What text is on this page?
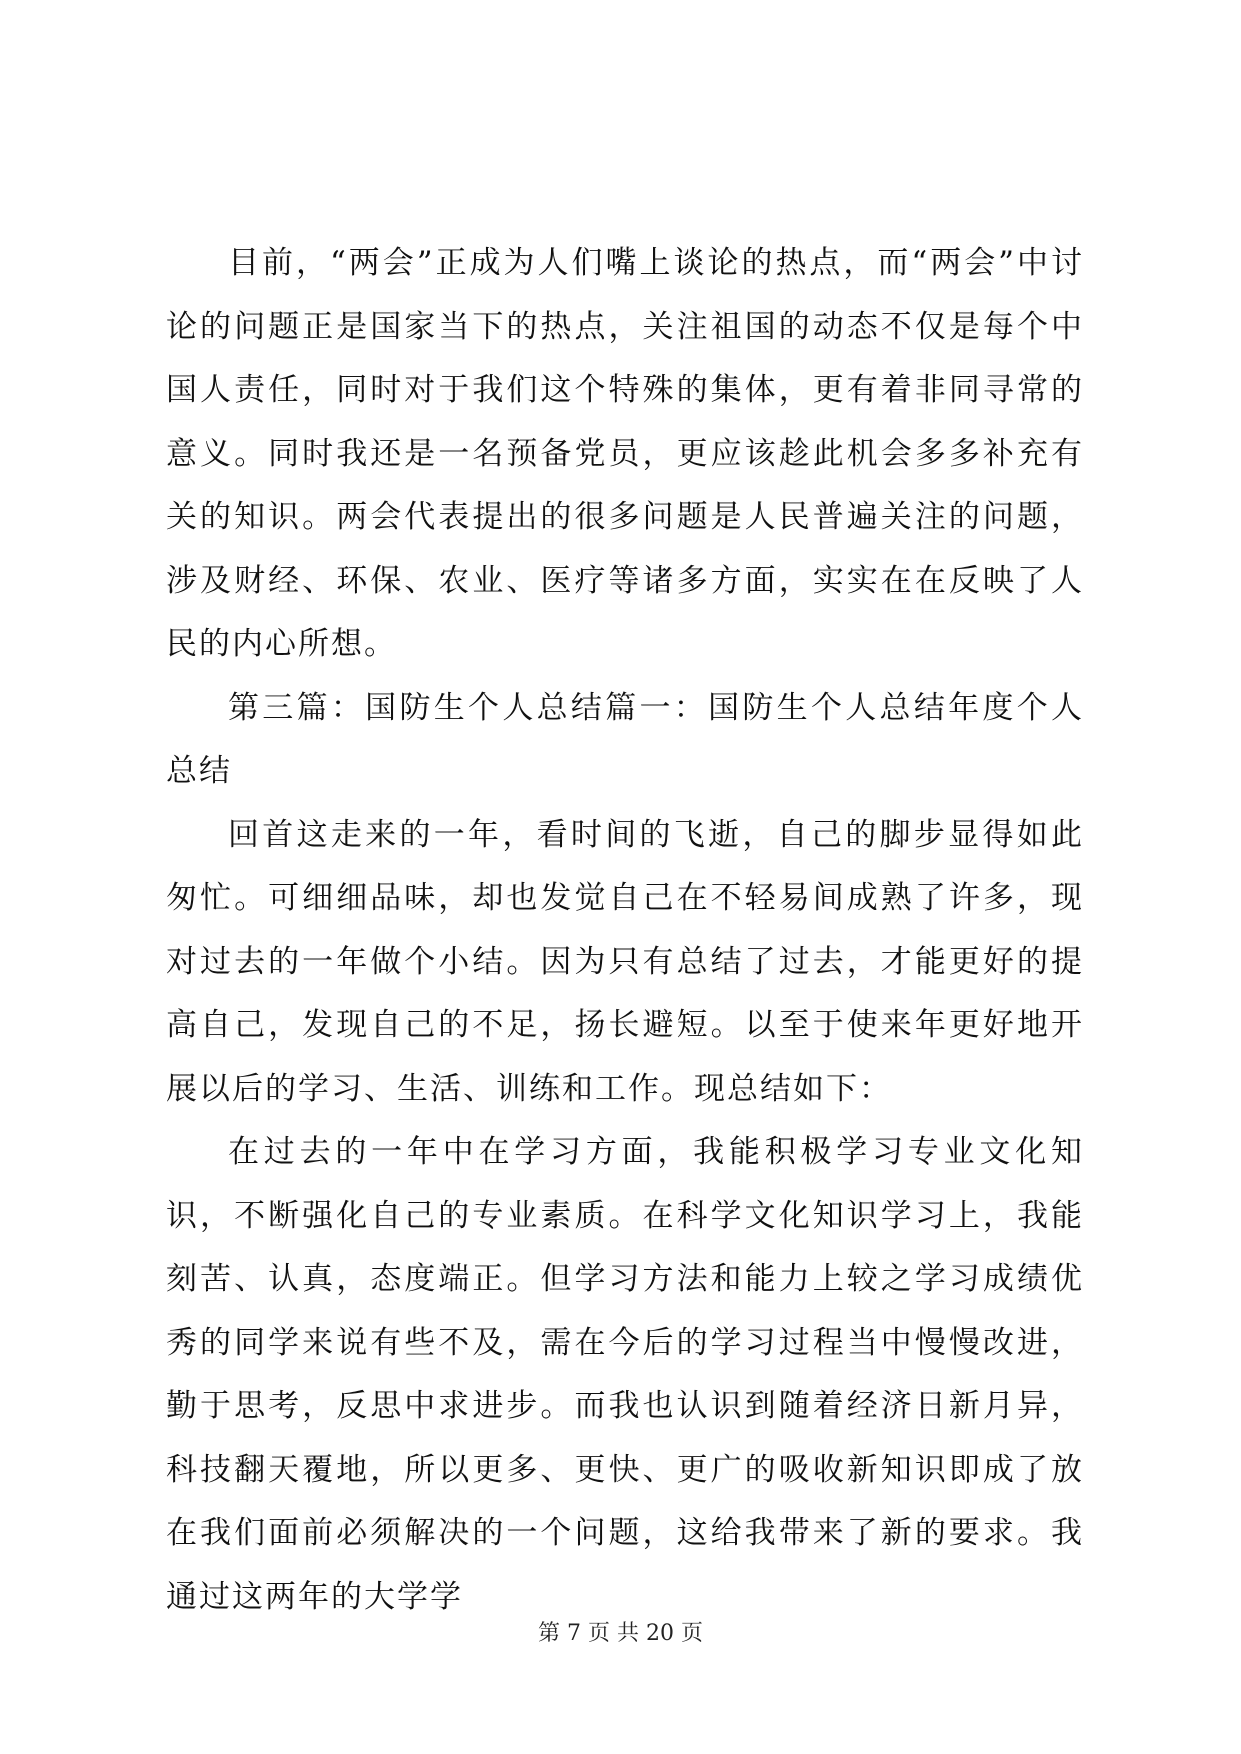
目前，“两会”正成为人们嘴上谈论的热点，而“两会”中讨论的问题正是国家当下的热点，关注祖国的动态不仅是每个中国人责任，同时对于我们这个特殊的集体，更有着非同寻常的意义。同时我还是一名预备党员，更应该趁此机会多多补充有关的知识。两会代表提出的很多问题是人民普遍关注的问题，涉及财经、环保、农业、医疗等诸多方面，实实在在反映了人民的内心所想。

第三篇：国防生个人总结篇一：国防生个人总结年度个人总结

回首这走来的一年，看时间的飞逝，自己的脚步显得如此匆忙。可细细品味，却也发觉自己在不轻易间成熟了许多，现对过去的一年做个小结。因为只有总结了过去，才能更好的提高自己，发现自己的不足，扬长避短。以至于使来年更好地开展以后的学习、生活、训练和工作。现总结如下：

在过去的一年中在学习方面，我能积极学习专业文化知识，不断强化自己的专业素质。在科学文化知识学习上，我能刻苦、认真，态度端正。但学习方法和能力上较之学习成绩优秀的同学来说有些不及，需在今后的学习过程当中慢慢改进，勤于思考，反思中求进步。而我也认识到随着经济日新月异，科技翻天覆地，所以更多、更快、更广的吸收新知识即成了放在我们面前必须解决的一个问题，这给我带来了新的要求。我通过这两年的大学学

第 7 页 共 20 页
